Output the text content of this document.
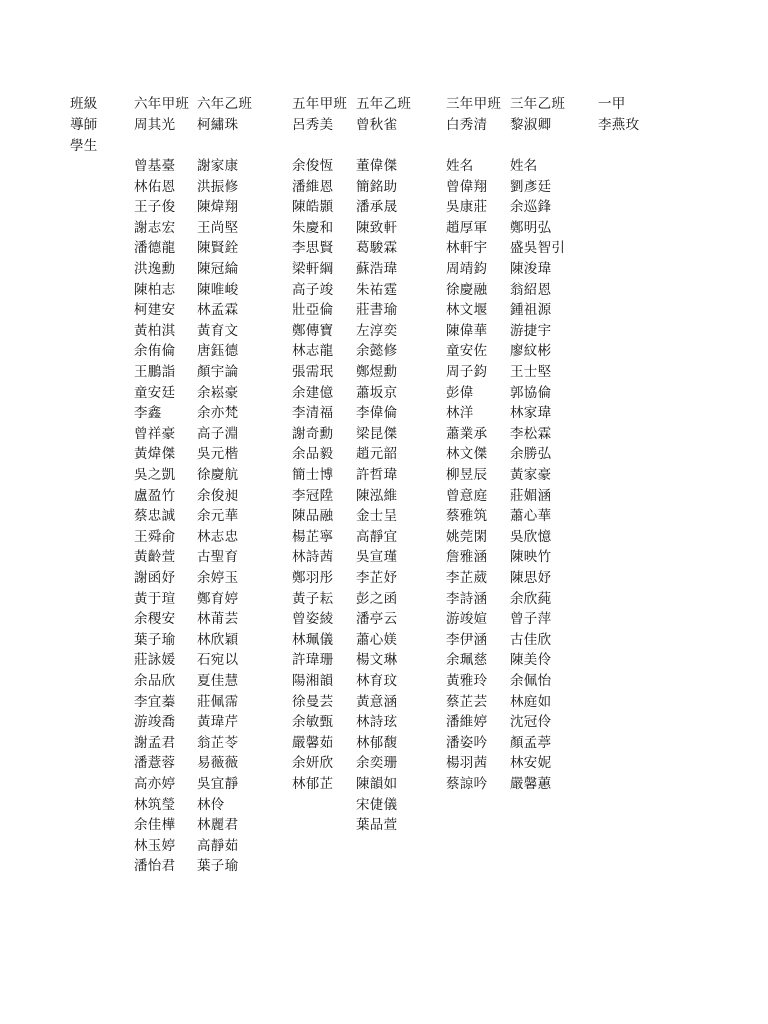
班級
導師
學生
六年甲班
周其光
曾基臺
林佑恩
王子俊
謝志宏
潘德龍
洪逸勳
陳柏志
柯建安
黃柏淇
余侑倫
王鵬詣
童安廷
李鑫
曾祥豪
黃煒傑
吳之凱
盧盈竹
蔡忠誠
王舜俞
黃齡萱
謝函妤
黃于瑄
余稷安
葉子瑜
莊詠媛
余品欣
李宜蓁
游竣喬
謝孟君
潘薏蓉
高亦婷
林筑瑩
余佳樺
林玉婷
潘怡君
六年乙班
柯繡珠
謝家康
洪振修
陳煒翔
王尚堅
陳賢銓
陳冠綸
陳唯峻
林孟霖
黃育文
唐鈺德
顏宇論
余崧豪
余亦梵
高子淵
吳元楷
徐慶航
余俊昶
余元華
林志忠
古聖育
余婷玉
鄭育婷
林莆芸
林欣穎
石宛以
夏佳慧
莊佩霈
黃瑋芹
翁芷苓
易薇薇
吳宜靜
林伶
林麗君
高靜茹
葉子瑜
五年甲班
呂秀美
余俊恆
潘維恩
陳皓顥
朱慶和
李思賢
梁軒綱
高子竣
壯亞倫
鄭傳寶
林志龍
張需珉
余建億
李清福
謝奇勳
余品毅
簡士博
李冠陞
陳品融
楊芷寧
林詩茜
鄭羽彤
黃子耘
曾姿綾
林珮儀
許瑋珊
陽湘韻
徐曼芸
余敏甄
嚴馨茹
余妍欣
林郁芷
五年乙班
曾秋雀
董偉傑
簡銘助
潘承晟
陳致軒
葛駿霖
蘇浩瑋
朱祐霆
莊書瑜
左淳奕
余懿修
鄭煜勳
蕭坂京
李偉倫
梁昆傑
趙元韶
許哲瑋
陳泓維
金士呈
高靜宜
吳宣瑾
李芷妤
彭之函
潘亭云
蕭心媄
楊文琳
林育玟
黃意涵
林詩玹
林郁馥
余奕珊
陳韻如
宋倢儀
葉品萱
三年甲班
白秀清
姓名
曾偉翔
吳康莊
趙厚軍
林軒宇
周靖鈞
徐慶融
林文堰
陳偉華
童安佐
周子鈞
彭偉
林洋
蕭業承
林文傑
柳昱辰
曾意庭
蔡雅筑
姚莞閑
詹雅涵
李芷葳
李詩涵
游竣媗
李伊涵
余珮慈
黃雅玲
蔡芷芸
潘維婷
潘姿吟
楊羽茜
蔡諒吟
三年乙班
黎淑卿
姓名
劉彥廷
余巡鋒
鄭明弘
盛吳智引
陳浚瑋
翁紹恩
鍾祖源
游捷宇
廖紋彬
王士堅
郭協倫
林家瑋
李松霖
余勝弘
黃家豪
莊媚涵
蕭心華
吳欣憶
陳映竹
陳思妤
余欣蒓
曾子萍
古佳欣
陳美伶
余佩怡
林庭如
沈冠伶
顏孟葶
林安妮
嚴馨蕙
一甲
李燕玫
